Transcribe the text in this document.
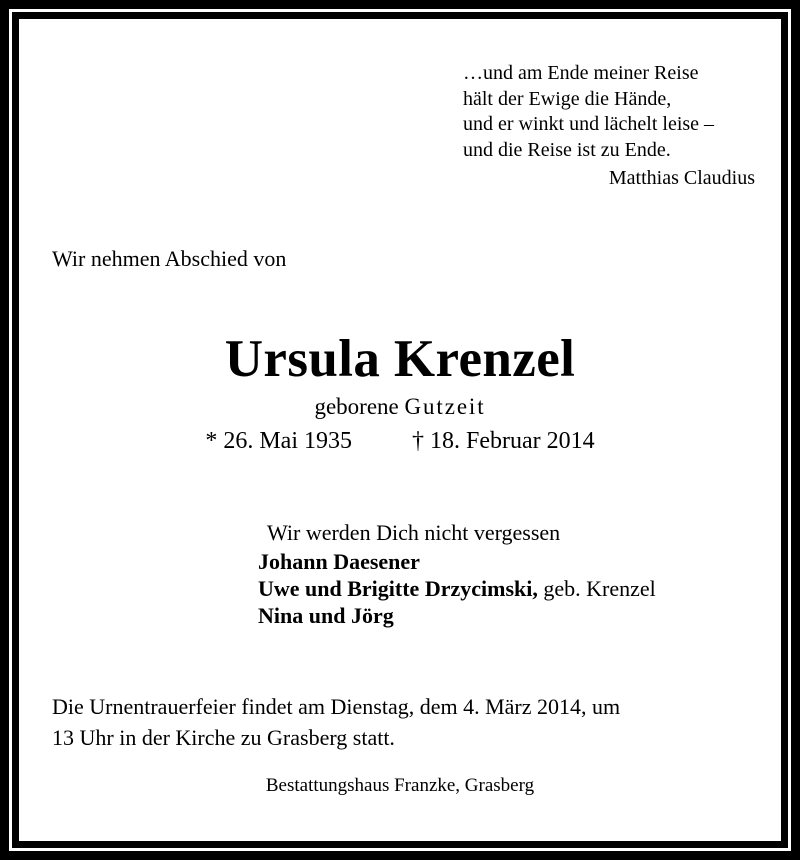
…und am Ende meiner Reise
hält der Ewige die Hände,
und er winkt und lächelt leise –
und die Reise ist zu Ende.
Matthias Claudius
Wir nehmen Abschied von
Ursula Krenzel
geborene Gutzeit
* 26. Mai 1935	† 18. Februar 2014
Wir werden Dich nicht vergessen
Johann Daesener
Uwe und Brigitte Drzycimski, geb. Krenzel
Nina und Jörg
Die Urnentrauerfeier findet am Dienstag, dem 4. März 2014, um
13 Uhr in der Kirche zu Grasberg statt.
Bestattungshaus Franzke, Grasberg
